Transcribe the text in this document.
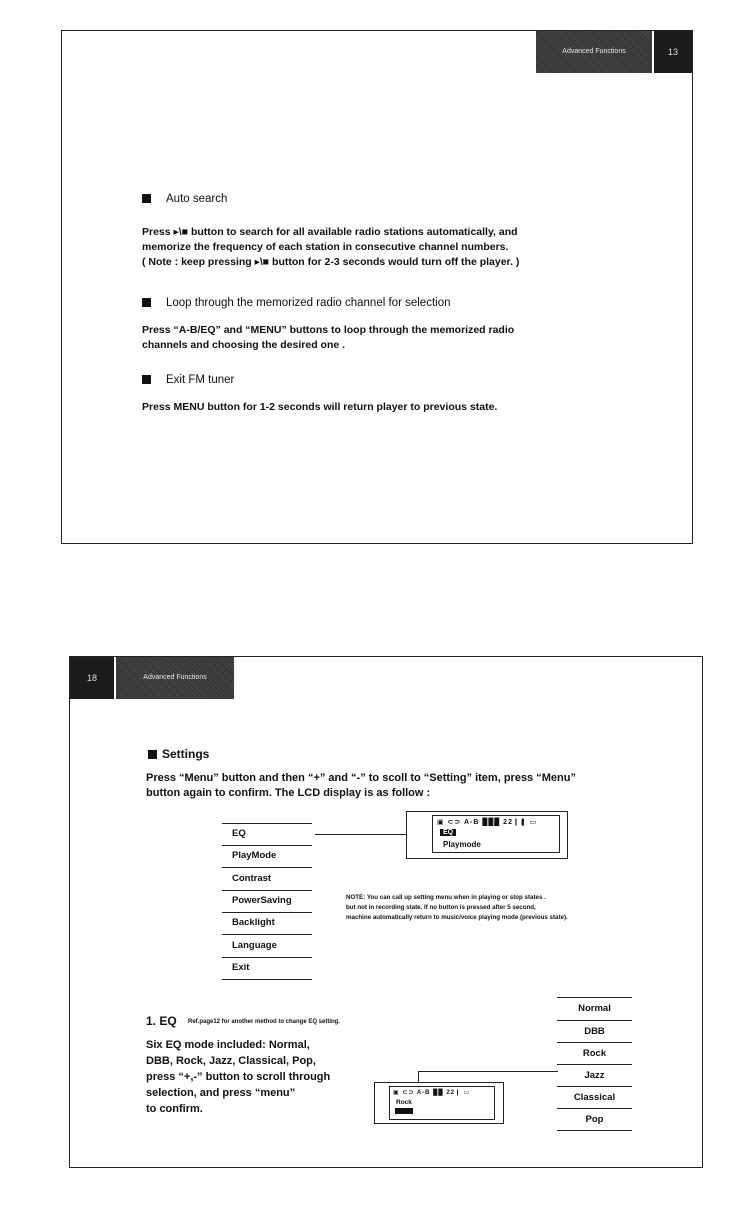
Advanced Functions	13
Auto search
Press ▸\■ button to search for all available radio stations automatically, and
memorize the frequency of each station in consecutive channel numbers.
( Note : keep pressing ▸\■ button for 2-3 seconds would turn off the player. )
Loop through the memorized radio channel for selection
Press “A-B/EQ” and “MENU” buttons to loop through the memorized radio
channels and choosing the desired one .
Exit FM tuner
Press MENU button for 1-2 seconds will return player to previous state.
18	Advanced Functions
Settings
Press “Menu” button and then “+” and “-” to scoll to “Setting” item, press “Menu”
button again to confirm. The LCD display is as follow :
EQ
PlayMode
Contrast
PowerSaving
Backlight
Language
Exit
▣ ⊂⊃ A-B ███ 22❙❚ ▭
EQ
Playmode
NOTE: You can call up setting menu when in playing or stop states .
but not in recording state. If no button is pressed after 5 second,
machine automatically return to music/voice playing mode (previous state).
1. EQ Ref.page12 for another method to change EQ setting.
Six EQ mode included: Normal,
DBB, Rock, Jazz, Classical, Pop,
press “+,-” button to scroll through
selection, and press “menu”
to confirm.
▣ ⊂⊃ A-B ██ 22❙ ▭
Rock
Normal
DBB
Rock
Jazz
Classical
Pop
